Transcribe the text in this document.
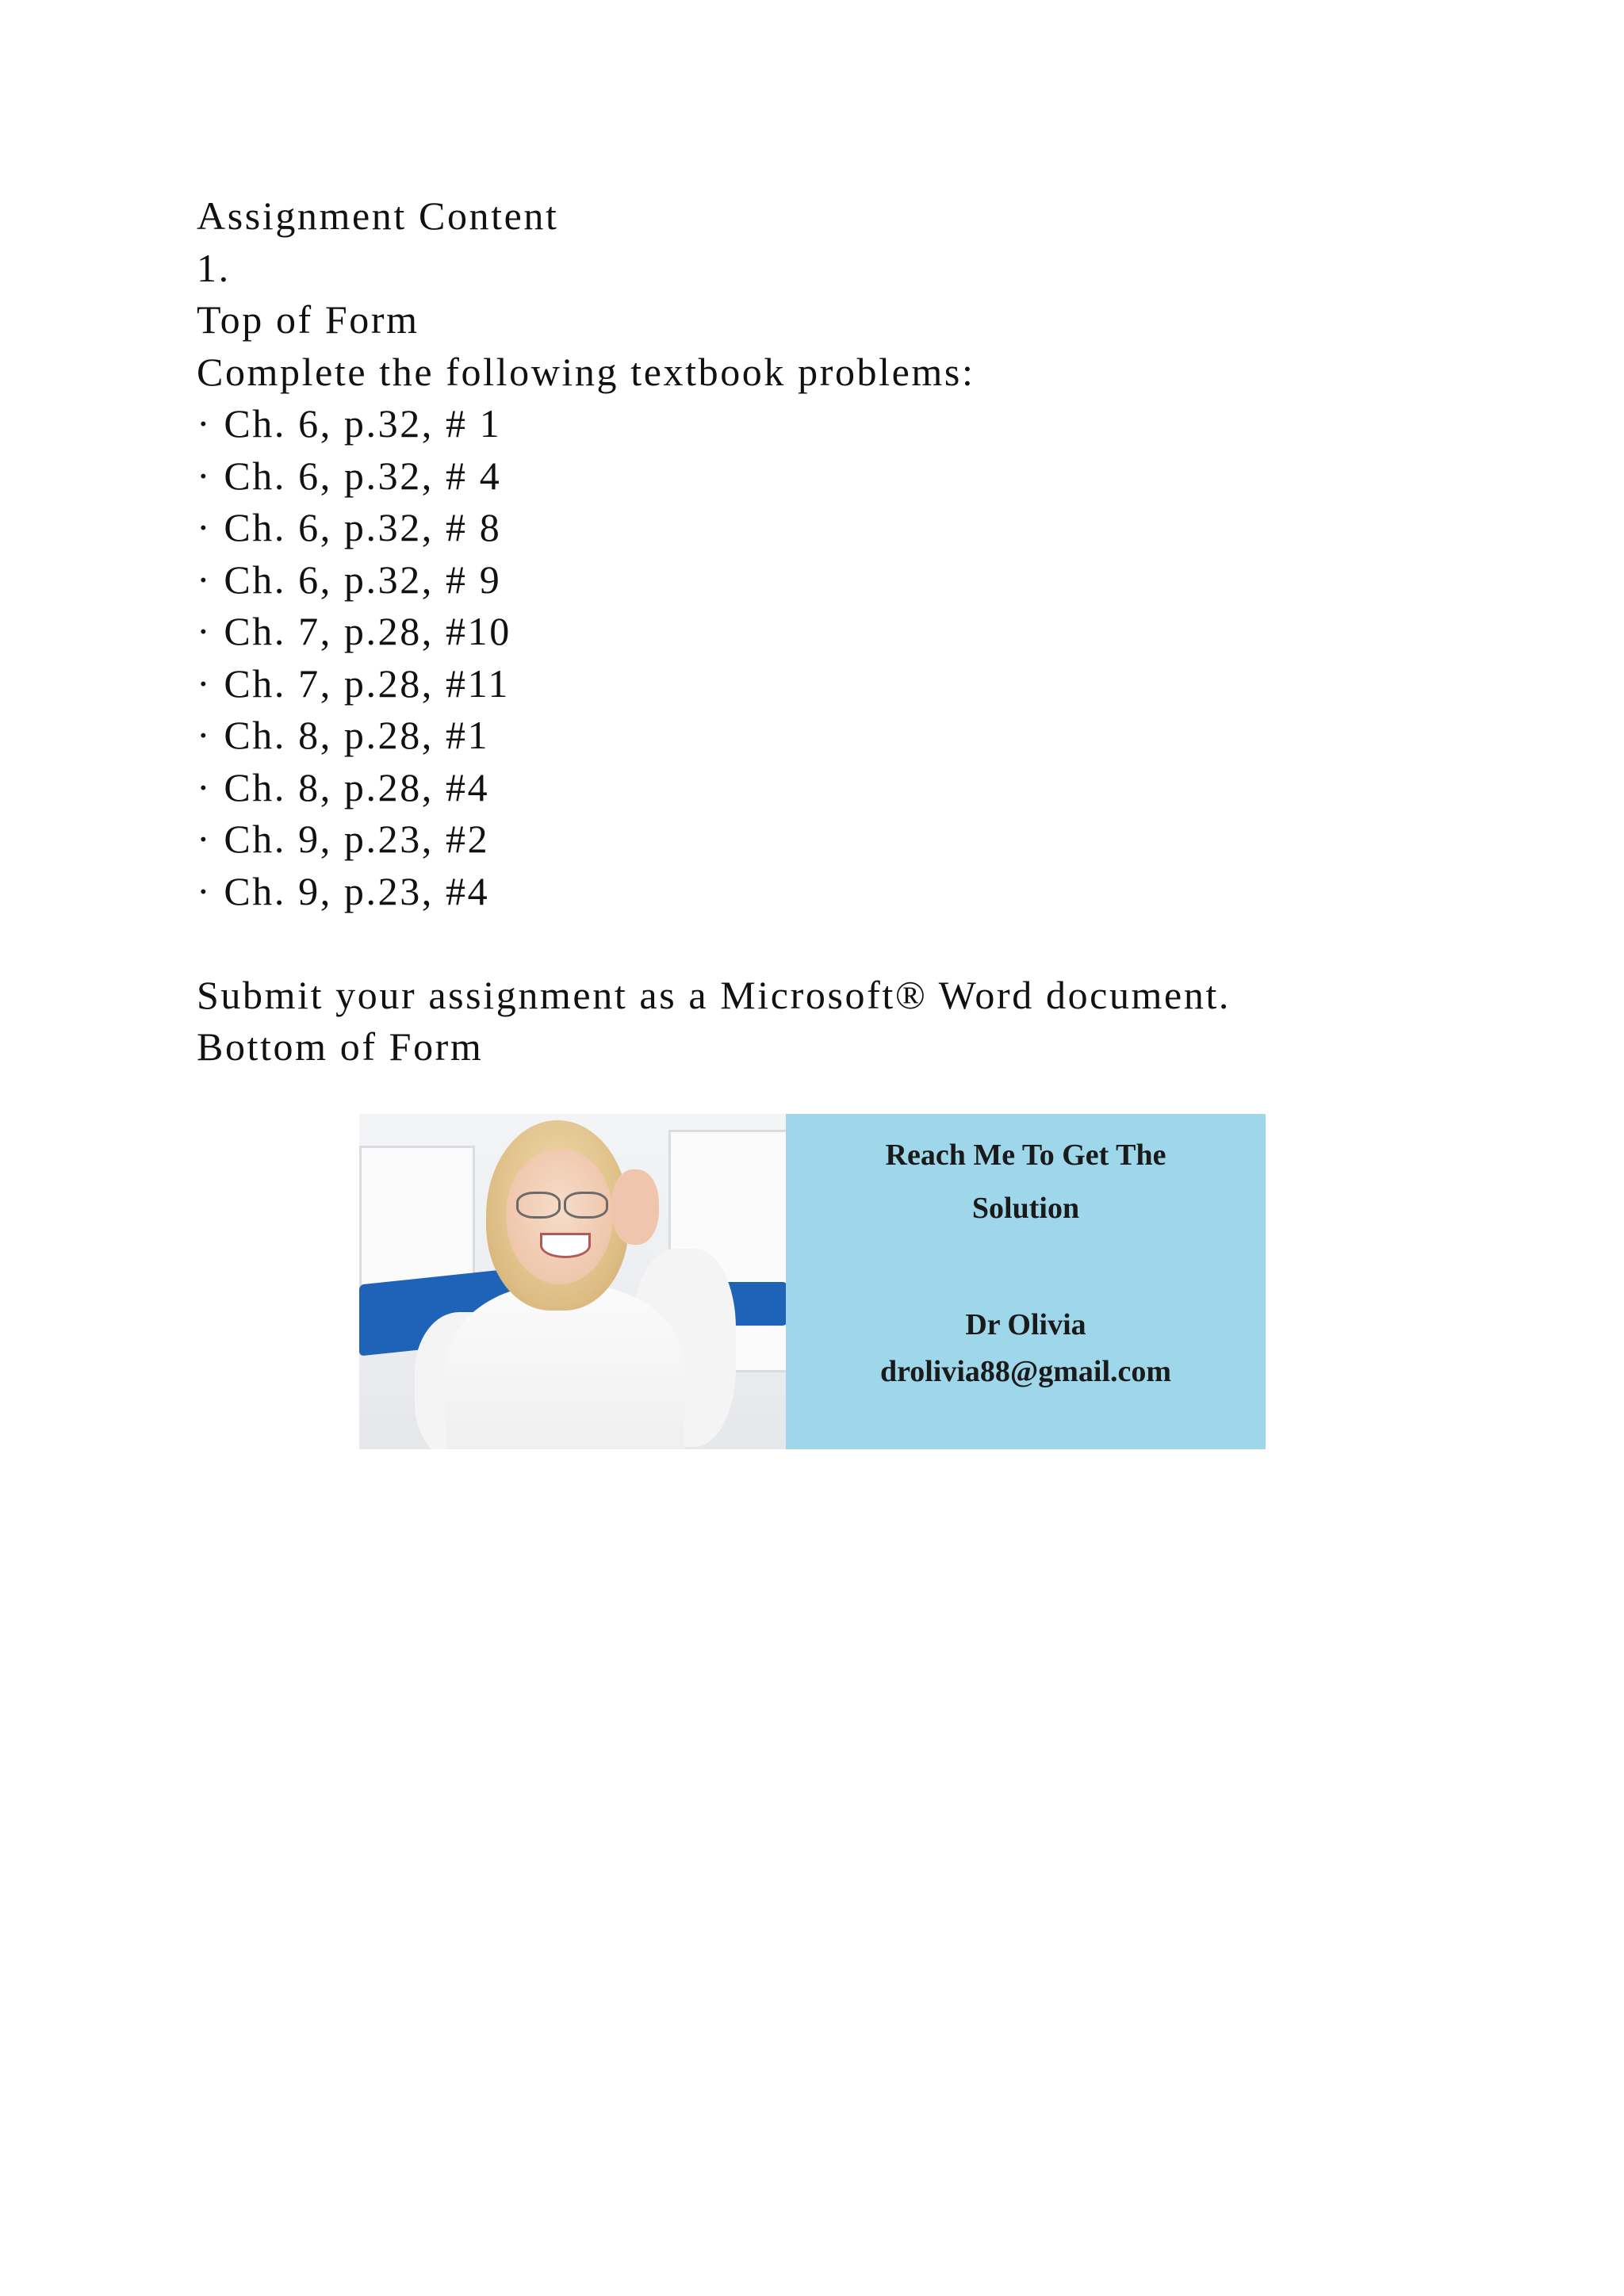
Assignment Content
1.
Top of Form
Complete the following textbook problems:
· Ch. 6, p.32, # 1
· Ch. 6, p.32, # 4
· Ch. 6, p.32, # 8
· Ch. 6, p.32, # 9
· Ch. 7, p.28, #10
· Ch. 7, p.28, #11
· Ch. 8, p.28, #1
· Ch. 8, p.28, #4
· Ch. 9, p.23, #2
· Ch. 9, p.23, #4
Submit your assignment as a Microsoft® Word document.
Bottom of Form
Reach Me To Get The
Solution
Dr Olivia
drolivia88@gmail.com
